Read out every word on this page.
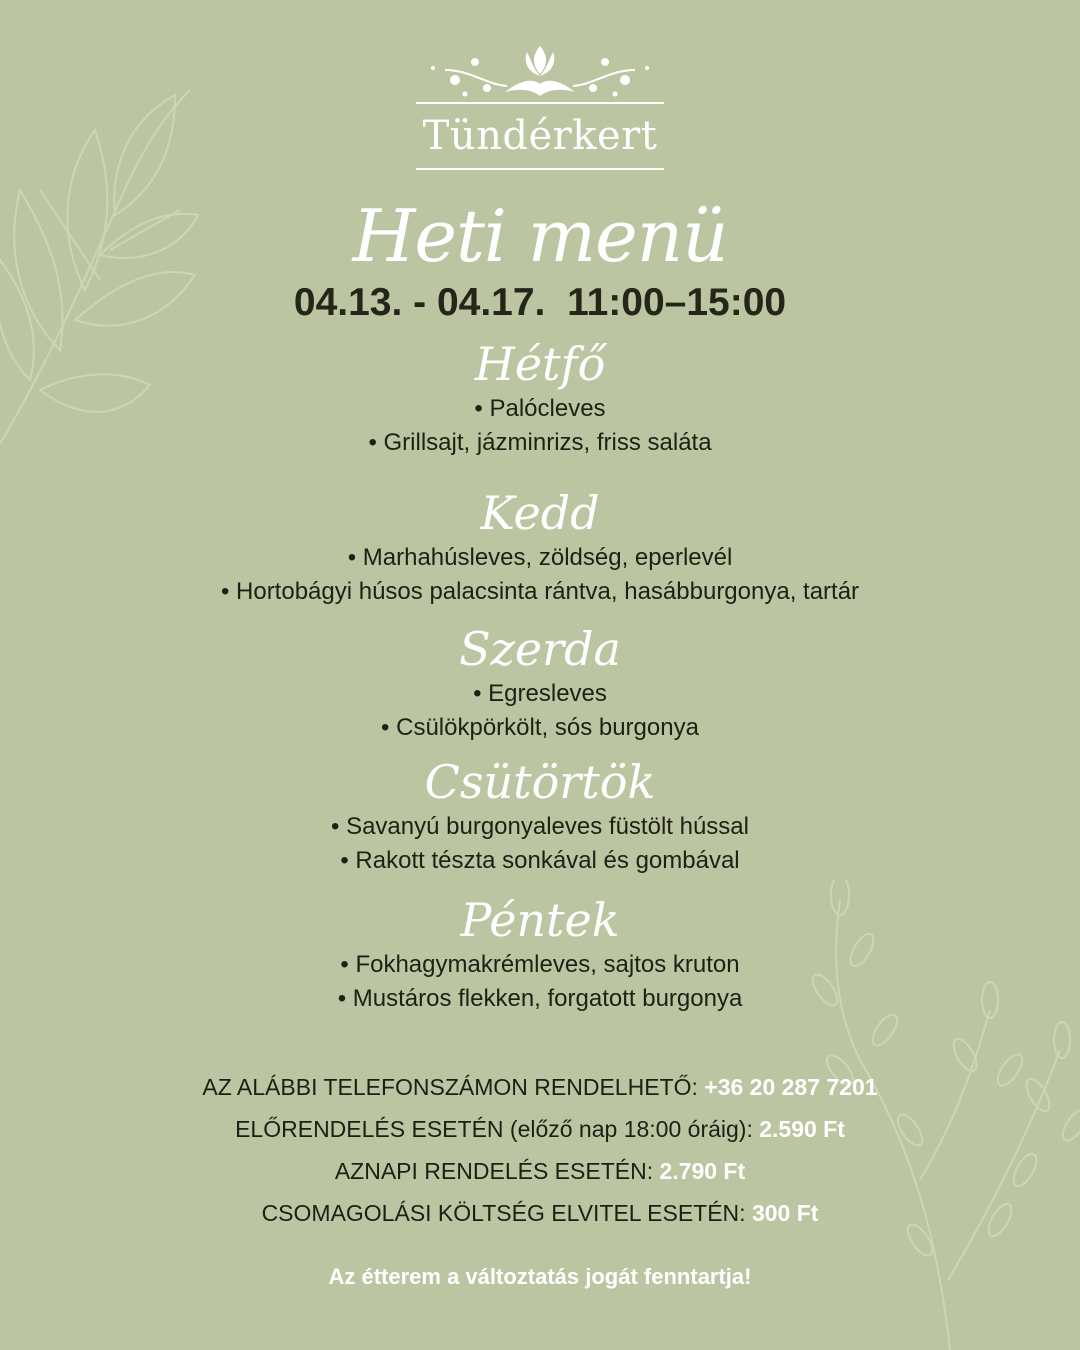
Tündérkert
Heti menü
04.13. - 04.17.  11:00–15:00
Hétfő
• Palócleves
• Grillsajt, jázminrizs, friss saláta
Kedd
• Marhahúsleves, zöldség, eperlevél
• Hortobágyi húsos palacsinta rántva, hasábburgonya, tartár
Szerda
• Egresleves
• Csülökpörkölt, sós burgonya
Csütörtök
• Savanyú burgonyaleves füstölt hússal
• Rakott tészta sonkával és gombával
Péntek
• Fokhagymakrémleves, sajtos kruton
• Mustáros flekken, forgatott burgonya
AZ ALÁBBI TELEFONSZÁMON RENDELHETŐ: +36 20 287 7201
ELŐRENDELÉS ESETÉN (előző nap 18:00 óráig): 2.590 Ft
AZNAPI RENDELÉS ESETÉN: 2.790 Ft
CSOMAGOLÁSI KÖLTSÉG ELVITEL ESETÉN: 300 Ft
Az étterem a változtatás jogát fenntartja!
